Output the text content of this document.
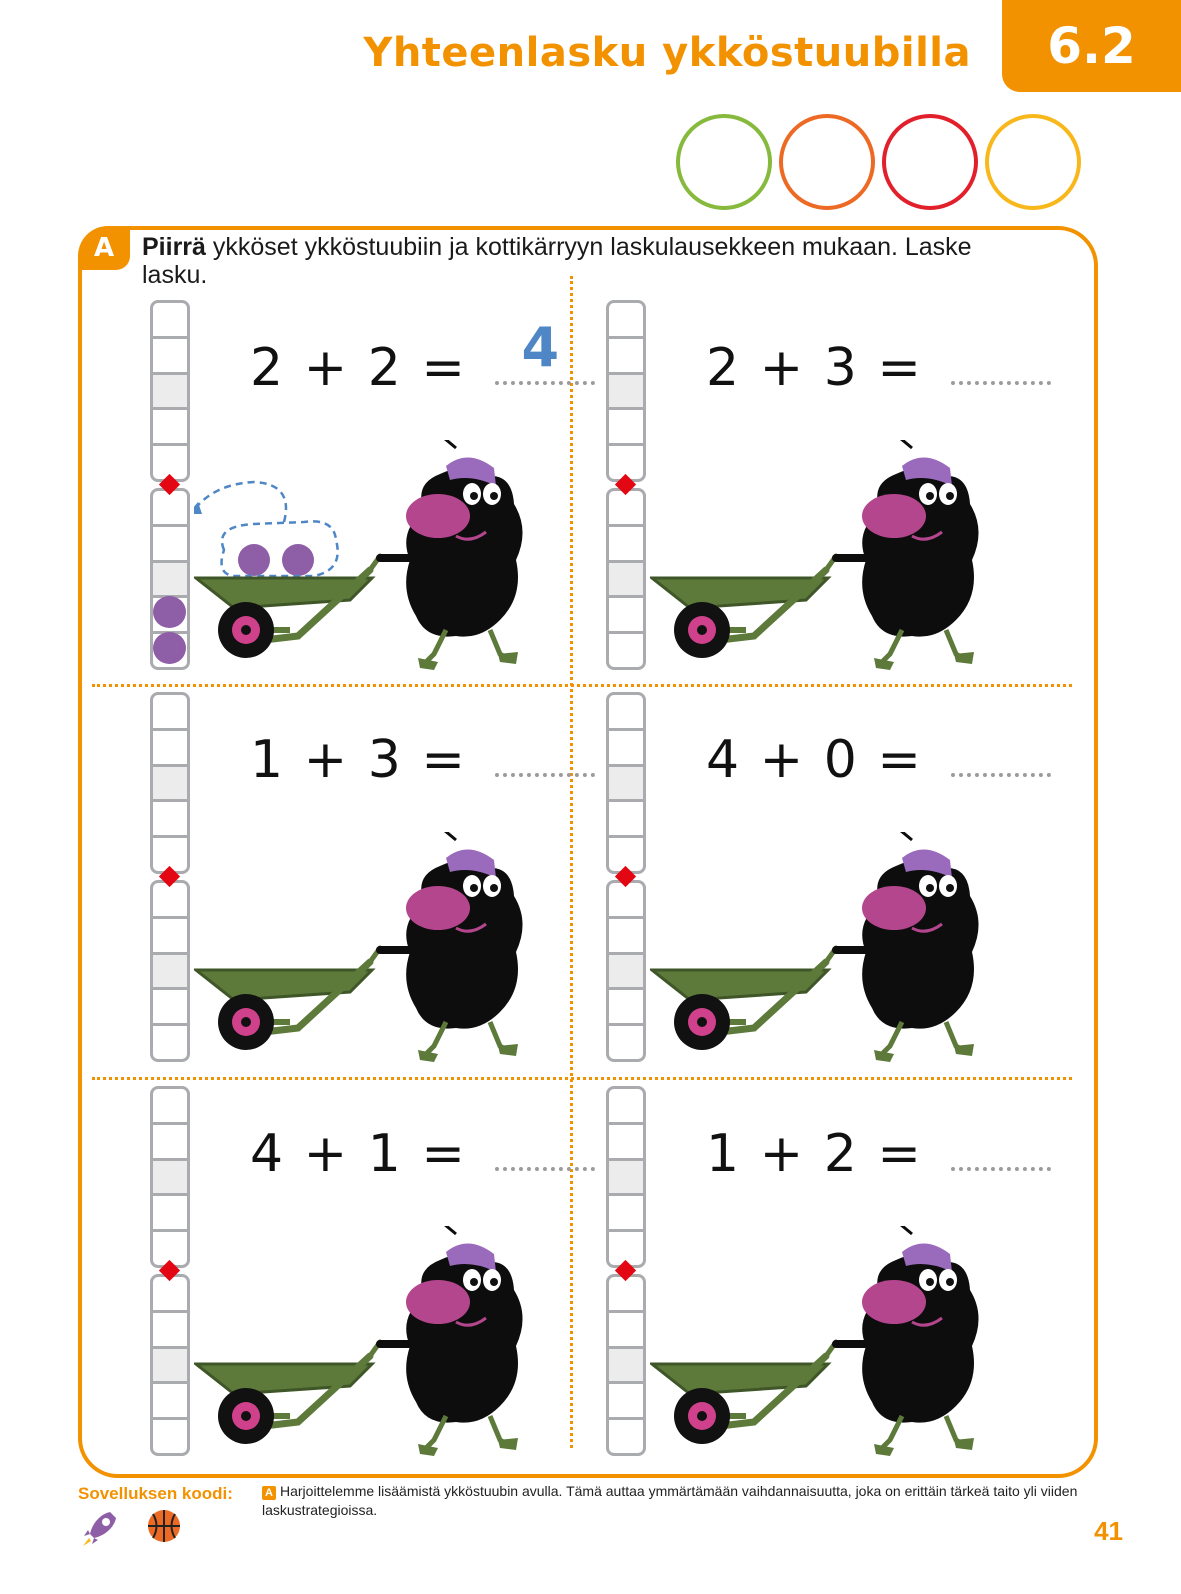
Yhteenlasku ykköstuubilla	6.2
A	Piirrä ykköset ykköstuubiin ja kottikärryyn laskulausekkeen mukaan. Laske lasku.
2 + 2 = 4	2 + 3 =
1 + 3 =	4 + 0 =
4 + 1 =	1 + 2 =
Sovelluksen koodi:	A Harjoittelemme lisäämistä ykköstuubin avulla. Tämä auttaa ymmärtämään vaihdannaisuutta, joka on erittäin tärkeä taito yli viiden laskustrategioissa.
41
